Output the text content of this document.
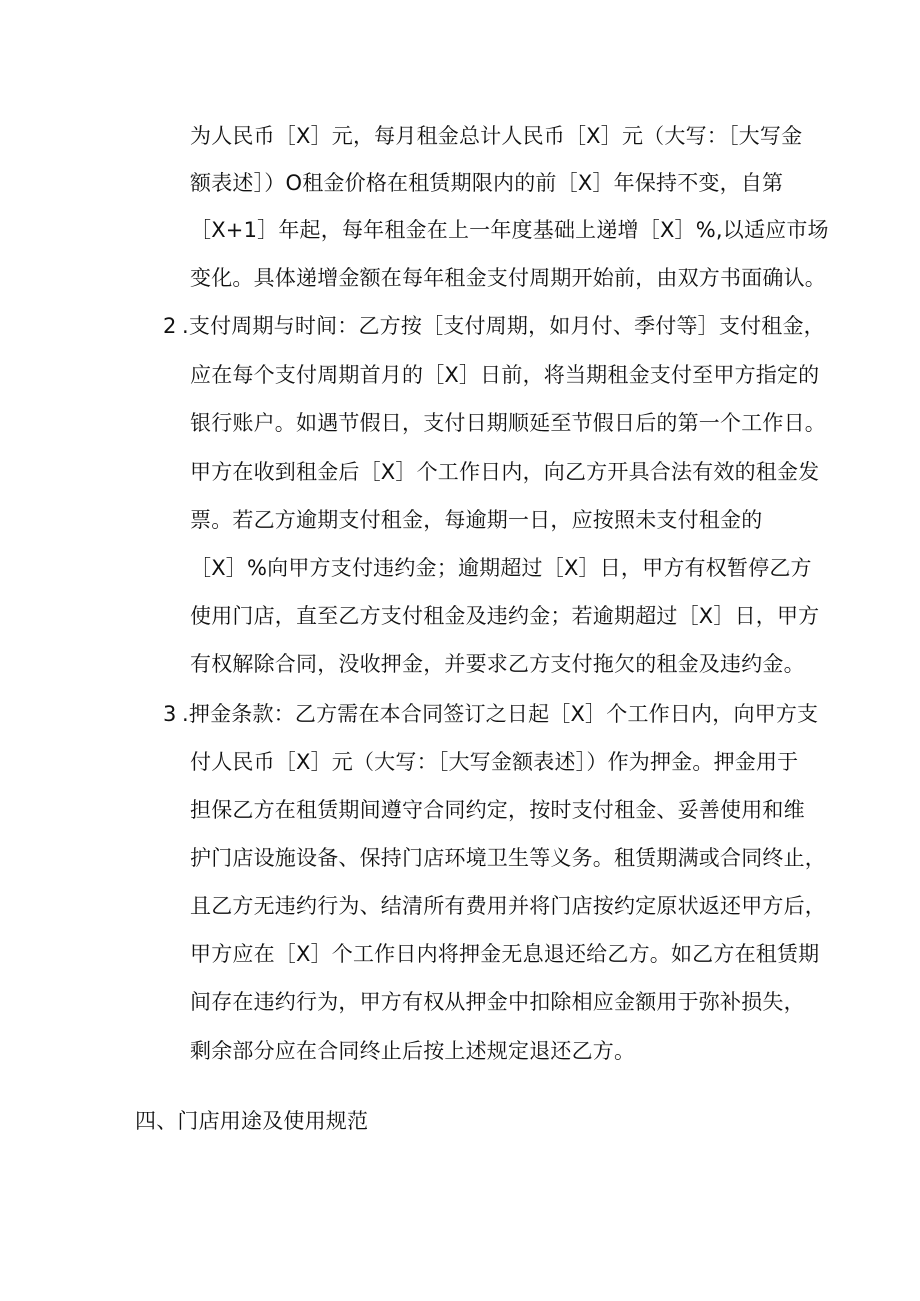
为人民币［X］元，每月租金总计人民币［X］元（大写：［大写金
额表述］）O租金价格在租赁期限内的前［X］年保持不变，自第
［X+1］年起，每年租金在上一年度基础上递增［X］%,以适应市场
变化。具体递增金额在每年租金支付周期开始前，由双方书面确认。
2 .支付周期与时间：乙方按［支付周期，如月付、季付等］支付租金，
应在每个支付周期首月的［X］日前，将当期租金支付至甲方指定的
银行账户。如遇节假日，支付日期顺延至节假日后的第一个工作日。
甲方在收到租金后［X］个工作日内，向乙方开具合法有效的租金发
票。若乙方逾期支付租金，每逾期一日，应按照未支付租金的
［X］%向甲方支付违约金；逾期超过［X］日，甲方有权暂停乙方
使用门店，直至乙方支付租金及违约金；若逾期超过［X］日，甲方
有权解除合同，没收押金，并要求乙方支付拖欠的租金及违约金。
3 .押金条款：乙方需在本合同签订之日起［X］个工作日内，向甲方支
付人民币［X］元（大写：［大写金额表述］）作为押金。押金用于
担保乙方在租赁期间遵守合同约定，按时支付租金、妥善使用和维
护门店设施设备、保持门店环境卫生等义务。租赁期满或合同终止，
且乙方无违约行为、结清所有费用并将门店按约定原状返还甲方后，
甲方应在［X］个工作日内将押金无息退还给乙方。如乙方在租赁期
间存在违约行为，甲方有权从押金中扣除相应金额用于弥补损失，
剩余部分应在合同终止后按上述规定退还乙方。
四、门店用途及使用规范
